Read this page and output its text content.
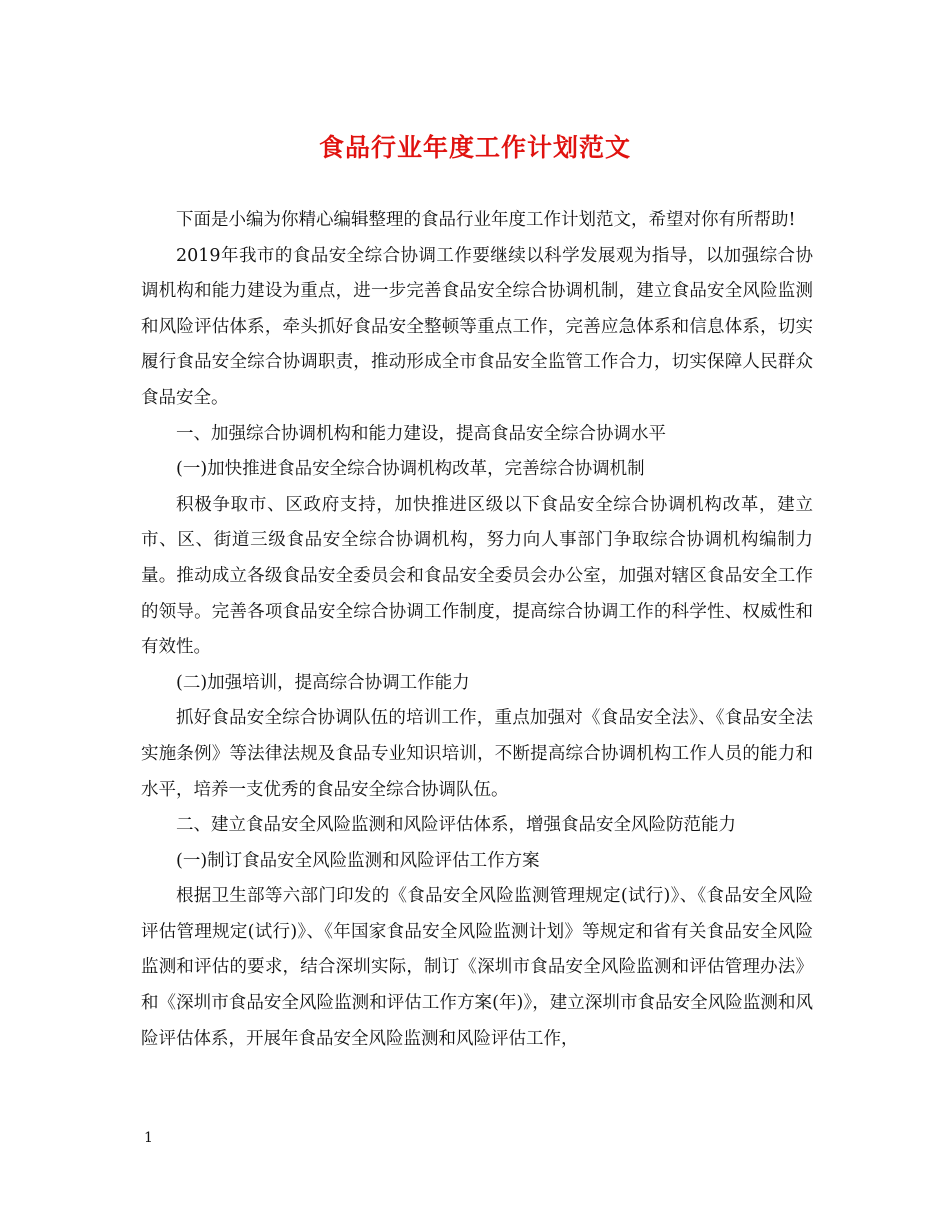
食品行业年度工作计划范文

下面是小编为你精心编辑整理的食品行业年度工作计划范文，希望对你有所帮助!

2019年我市的食品安全综合协调工作要继续以科学发展观为指导，以加强综合协调机构和能力建设为重点，进一步完善食品安全综合协调机制，建立食品安全风险监测和风险评估体系，牵头抓好食品安全整顿等重点工作，完善应急体系和信息体系，切实履行食品安全综合协调职责，推动形成全市食品安全监管工作合力，切实保障人民群众食品安全。

一、加强综合协调机构和能力建设，提高食品安全综合协调水平

(一)加快推进食品安全综合协调机构改革，完善综合协调机制

积极争取市、区政府支持，加快推进区级以下食品安全综合协调机构改革，建立市、区、街道三级食品安全综合协调机构，努力向人事部门争取综合协调机构编制力量。推动成立各级食品安全委员会和食品安全委员会办公室，加强对辖区食品安全工作的领导。完善各项食品安全综合协调工作制度，提高综合协调工作的科学性、权威性和有效性。

(二)加强培训，提高综合协调工作能力

抓好食品安全综合协调队伍的培训工作，重点加强对《食品安全法》、《食品安全法实施条例》等法律法规及食品专业知识培训，不断提高综合协调机构工作人员的能力和水平，培养一支优秀的食品安全综合协调队伍。

二、建立食品安全风险监测和风险评估体系，增强食品安全风险防范能力

(一)制订食品安全风险监测和风险评估工作方案

根据卫生部等六部门印发的《食品安全风险监测管理规定(试行)》、《食品安全风险评估管理规定(试行)》、《年国家食品安全风险监测计划》等规定和省有关食品安全风险监测和评估的要求，结合深圳实际，制订《深圳市食品安全风险监测和评估管理办法》和《深圳市食品安全风险监测和评估工作方案(年)》，建立深圳市食品安全风险监测和风险评估体系，开展年食品安全风险监测和风险评估工作，

1
